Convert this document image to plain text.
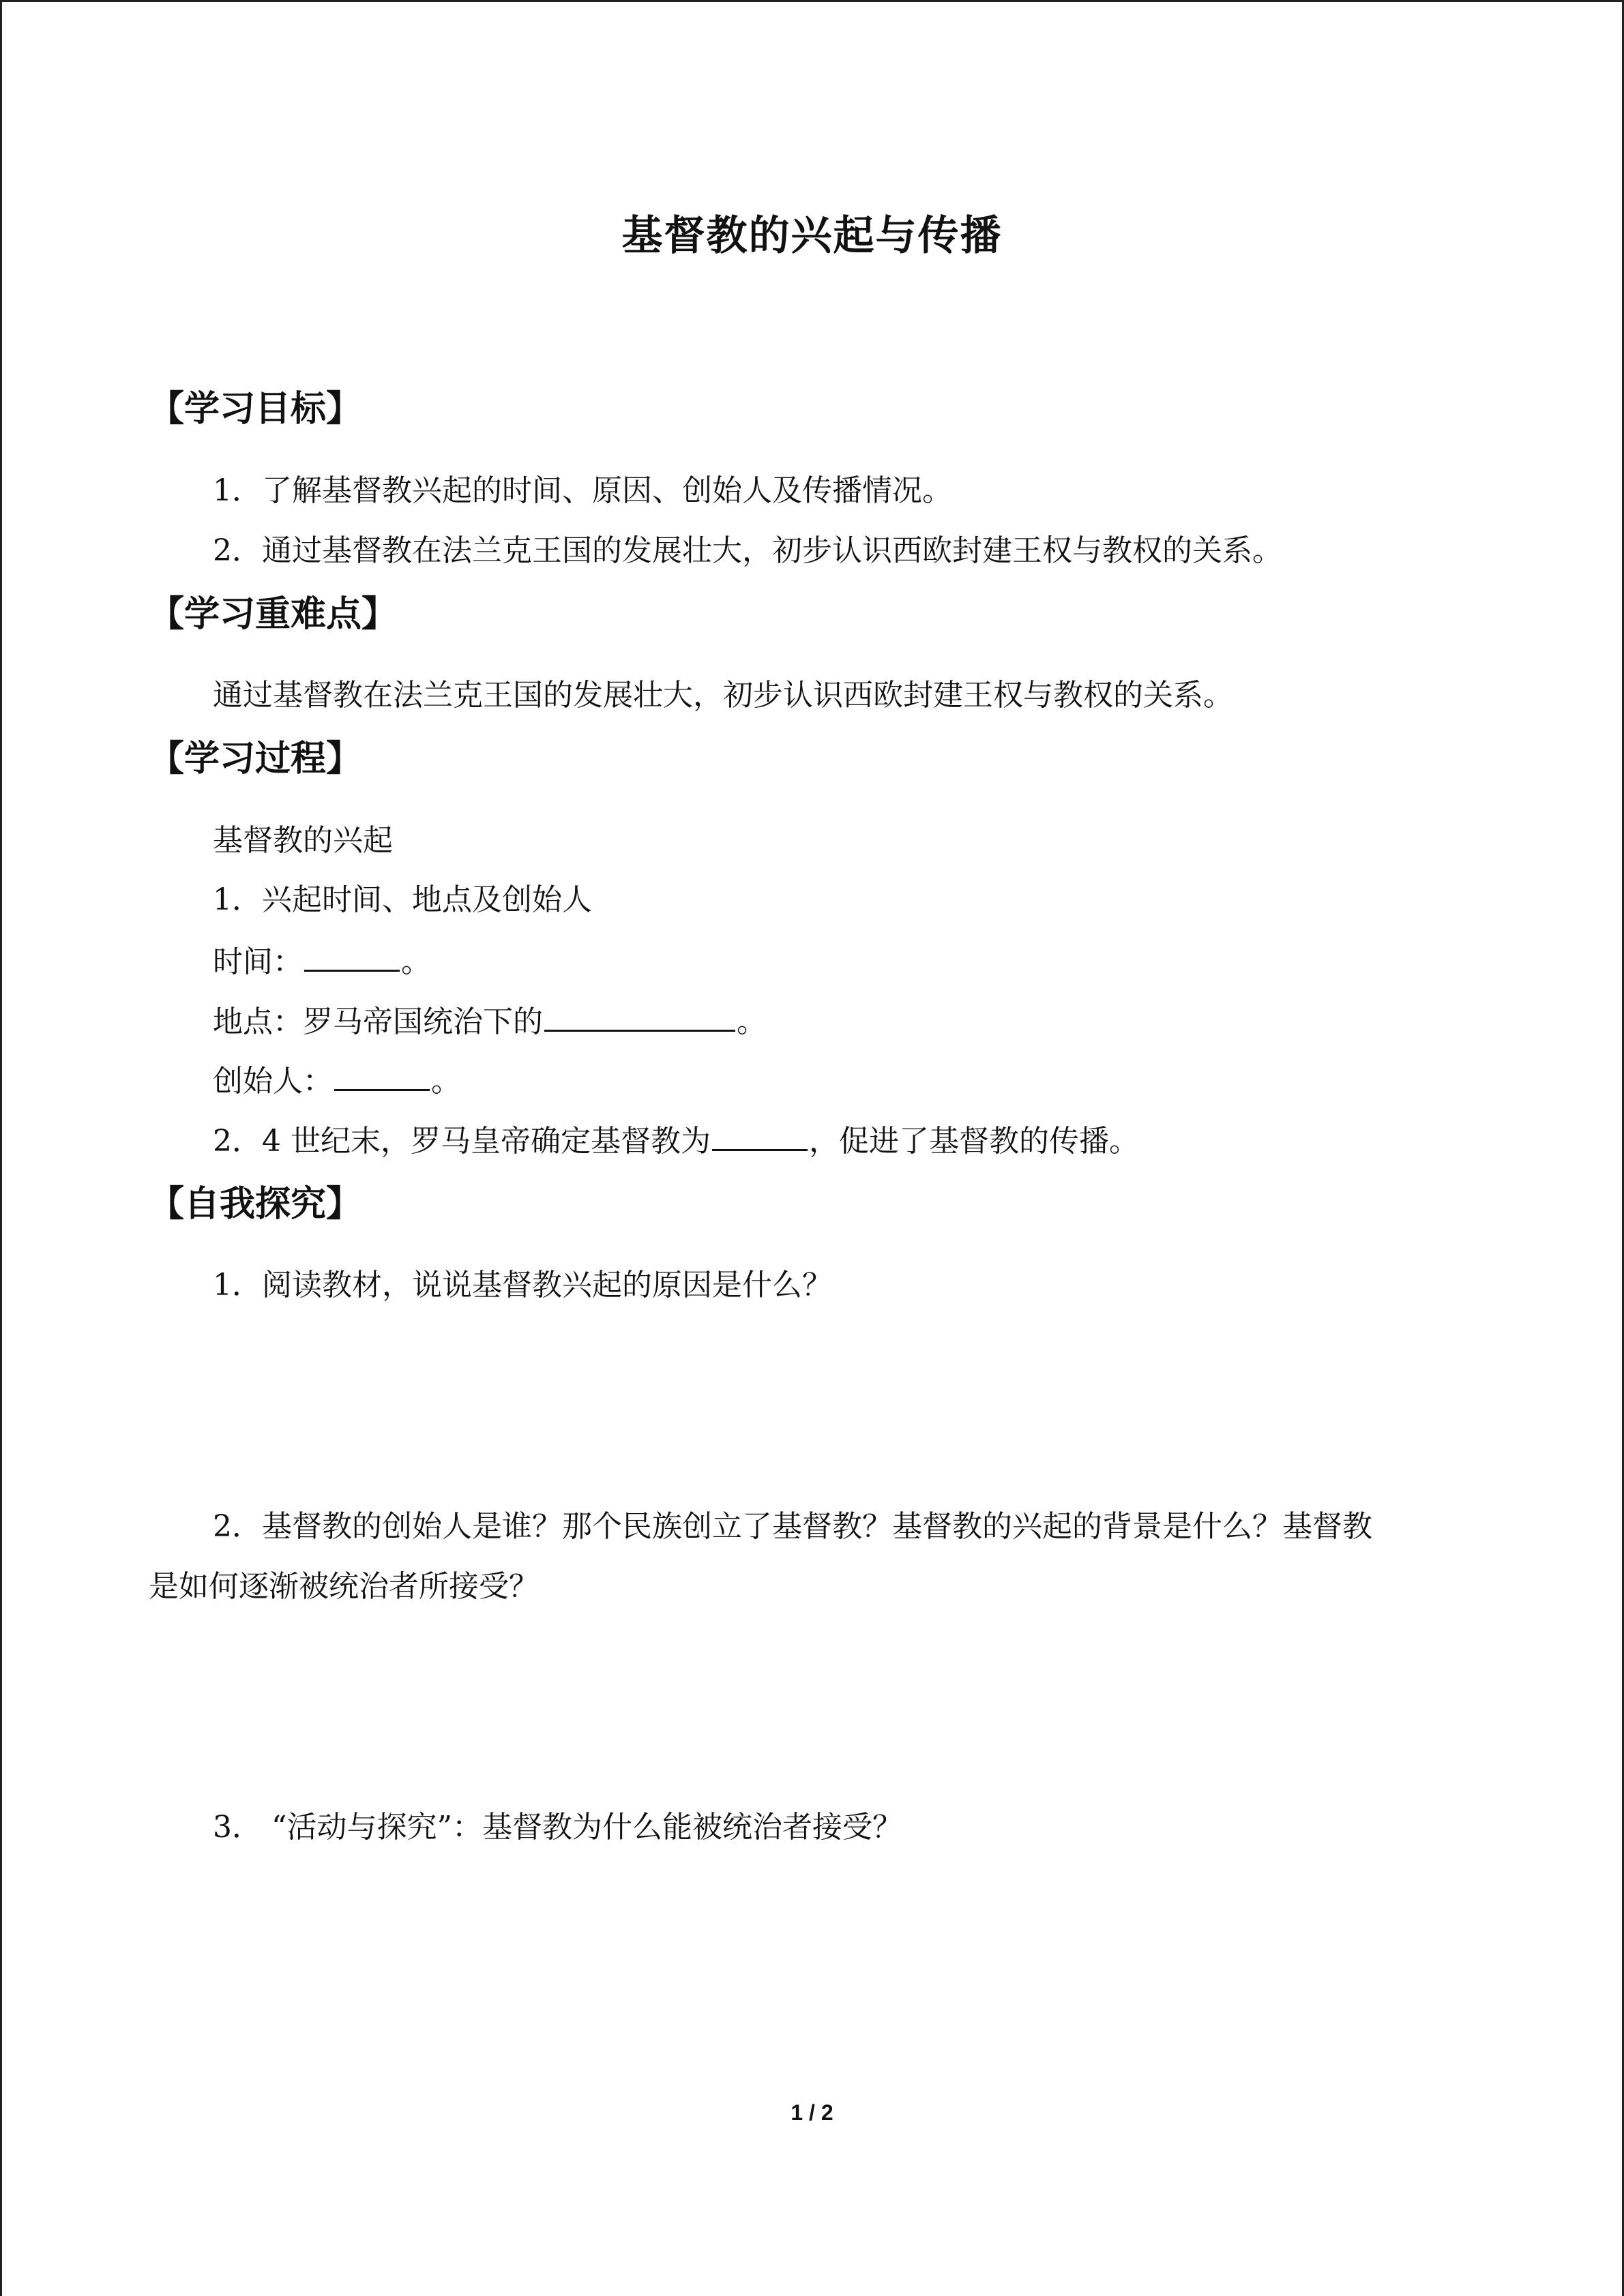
基督教的兴起与传播
【学习目标】
1．了解基督教兴起的时间、原因、创始人及传播情况。
2．通过基督教在法兰克王国的发展壮大，初步认识西欧封建王权与教权的关系。
【学习重难点】
通过基督教在法兰克王国的发展壮大，初步认识西欧封建王权与教权的关系。
【学习过程】
基督教的兴起
1．兴起时间、地点及创始人
时间：	。
地点：罗马帝国统治下的	。
创始人：	。
2．4 世纪末，罗马皇帝确定基督教为	，促进了基督教的传播。
【自我探究】
1．阅读教材，说说基督教兴起的原因是什么？
2．基督教的创始人是谁？那个民族创立了基督教？基督教的兴起的背景是什么？基督教
是如何逐渐被统治者所接受？
3． “活动与探究”：基督教为什么能被统治者接受？
1 / 2
